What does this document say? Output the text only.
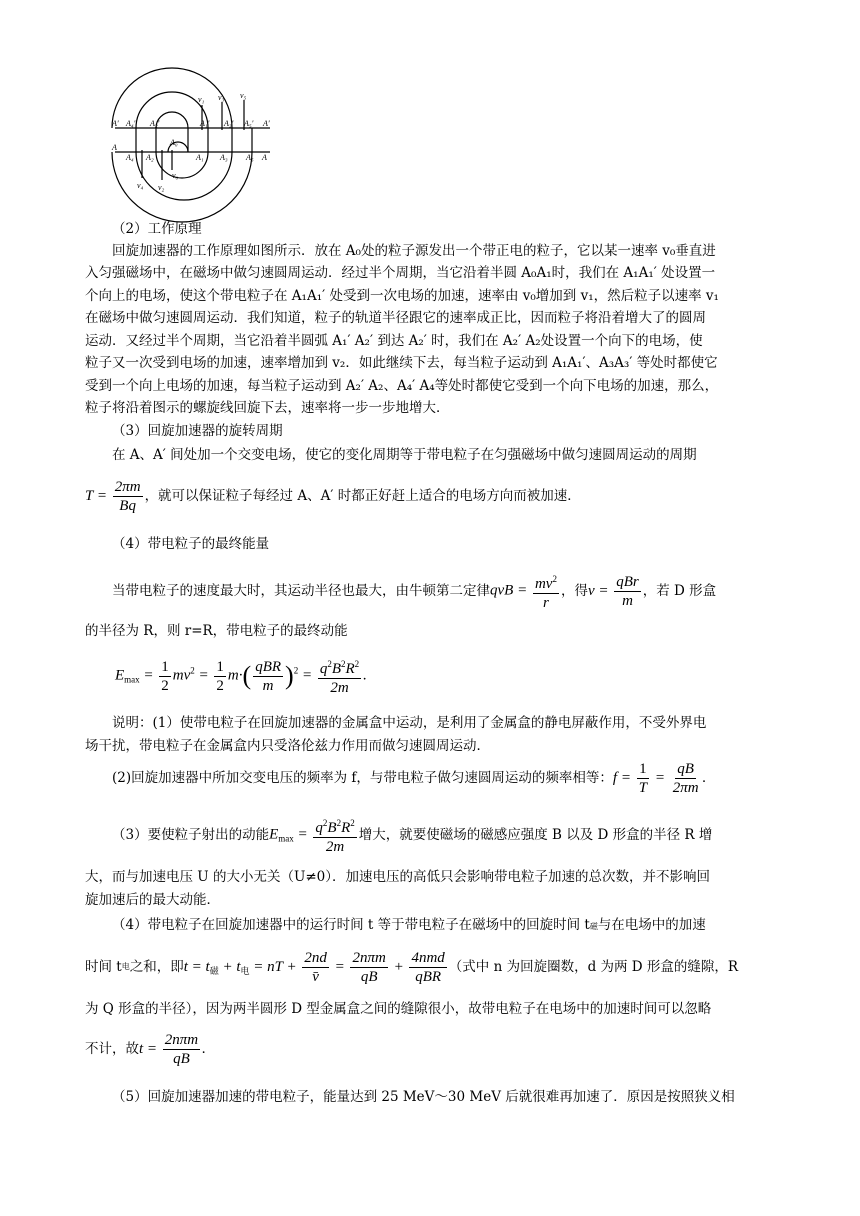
A′ A₄′ A₂′	A₁′ A₃′ A₅′ A′
A
A₀
A₄ A₂	A₁ A₃ A₅ A
v₁ v₃ v₅
v₄ v₂
v₀
（2）工作原理
回旋加速器的工作原理如图所示．放在 A₀处的粒子源发出一个带正电的粒子，它以某一速率 v₀垂直进
入匀强磁场中，在磁场中做匀速圆周运动．经过半个周期，当它沿着半圆 A₀A₁时，我们在 A₁A₁′ 处设置一
个向上的电场，使这个带电粒子在 A₁A₁′ 处受到一次电场的加速，速率由 v₀增加到 v₁，然后粒子以速率 v₁
在磁场中做匀速圆周运动．我们知道，粒子的轨道半径跟它的速率成正比，因而粒子将沿着增大了的圆周
运动．又经过半个周期，当它沿着半圆弧 A₁′ A₂′ 到达 A₂′ 时，我们在 A₂′ A₂处设置一个向下的电场，使
粒子又一次受到电场的加速，速率增加到 v₂．如此继续下去，每当粒子运动到 A₁A₁′、A₃A₃′ 等处时都使它
受到一个向上电场的加速，每当粒子运动到 A₂′ A₂、A₄′ A₄等处时都使它受到一个向下电场的加速，那么，
粒子将沿着图示的螺旋线回旋下去，速率将一步一步地增大．
（3）回旋加速器的旋转周期
在 A、A′ 间处加一个交变电场，使它的变化周期等于带电粒子在匀强磁场中做匀速圆周运动的周期
$T = \frac{2\pi m}{Bq}$ ，就可以保证粒子每经过 A、A′ 时都正好赶上适合的电场方向而被加速．
（4）带电粒子的最终能量
当带电粒子的速度最大时，其运动半径也最大，由牛顿第二定律 qvB = $\frac{mv^2}{r}$ ，得 $v = \frac{\text{qBr}}{m}$ ，若 D 形盒
的半径为 R，则 r=R，带电粒子的最终动能
$E_{max} = \frac{1}{2} mv^2 = \frac{1}{2} m\cdot( \frac{\text{qBR}}{m} )^2 = \frac{q^2B^2R^2}{2m}$ .
说明：(1）使带电粒子在回旋加速器的金属盒中运动，是利用了金属盒的静电屏蔽作用，不受外界电
场干扰，带电粒子在金属盒内只受洛伦兹力作用而做匀速圆周运动．
(2)回旋加速器中所加交变电压的频率为 f，与带电粒子做匀速圆周运动的频率相等： $f = \frac{1}{T} = \frac{qB}{2\pi m}$ .
（3）要使粒子射出的动能 $E_{max} = \frac{q^2B^2R^2}{2m}$ 增大，就要使磁场的磁感应强度 B 以及 D 形盒的半径 R 增
大，而与加速电压 U 的大小无关（U≠0）．加速电压的高低只会影响带电粒子加速的总次数，并不影响回
旋加速后的最大动能．
（4）带电粒子在回旋加速器中的运行时间 t 等于带电粒子在磁场中的回旋时间 t磁与在电场中的加速
时间 t 电 之和，即 $t = t_磁 + t_电$ = nT + $\frac{2nd}{v̄} = \frac{\text{2nπm}}{qB} + \frac{\text{4nmd}}{\text{qBR}}$ （式中 n 为回旋圈数，d 为两 D 形盒的缝隙，R
为 Q 形盒的半径），因为两半圆形 D 型金属盒之间的缝隙很小，故带电粒子在电场中的加速时间可以忽略
不计，故 $t = \frac{\text{2nπm}}{qB}$ .
（5）回旋加速器加速的带电粒子，能量达到 25 MeV～30 MeV 后就很难再加速了．原因是按照狭义相
